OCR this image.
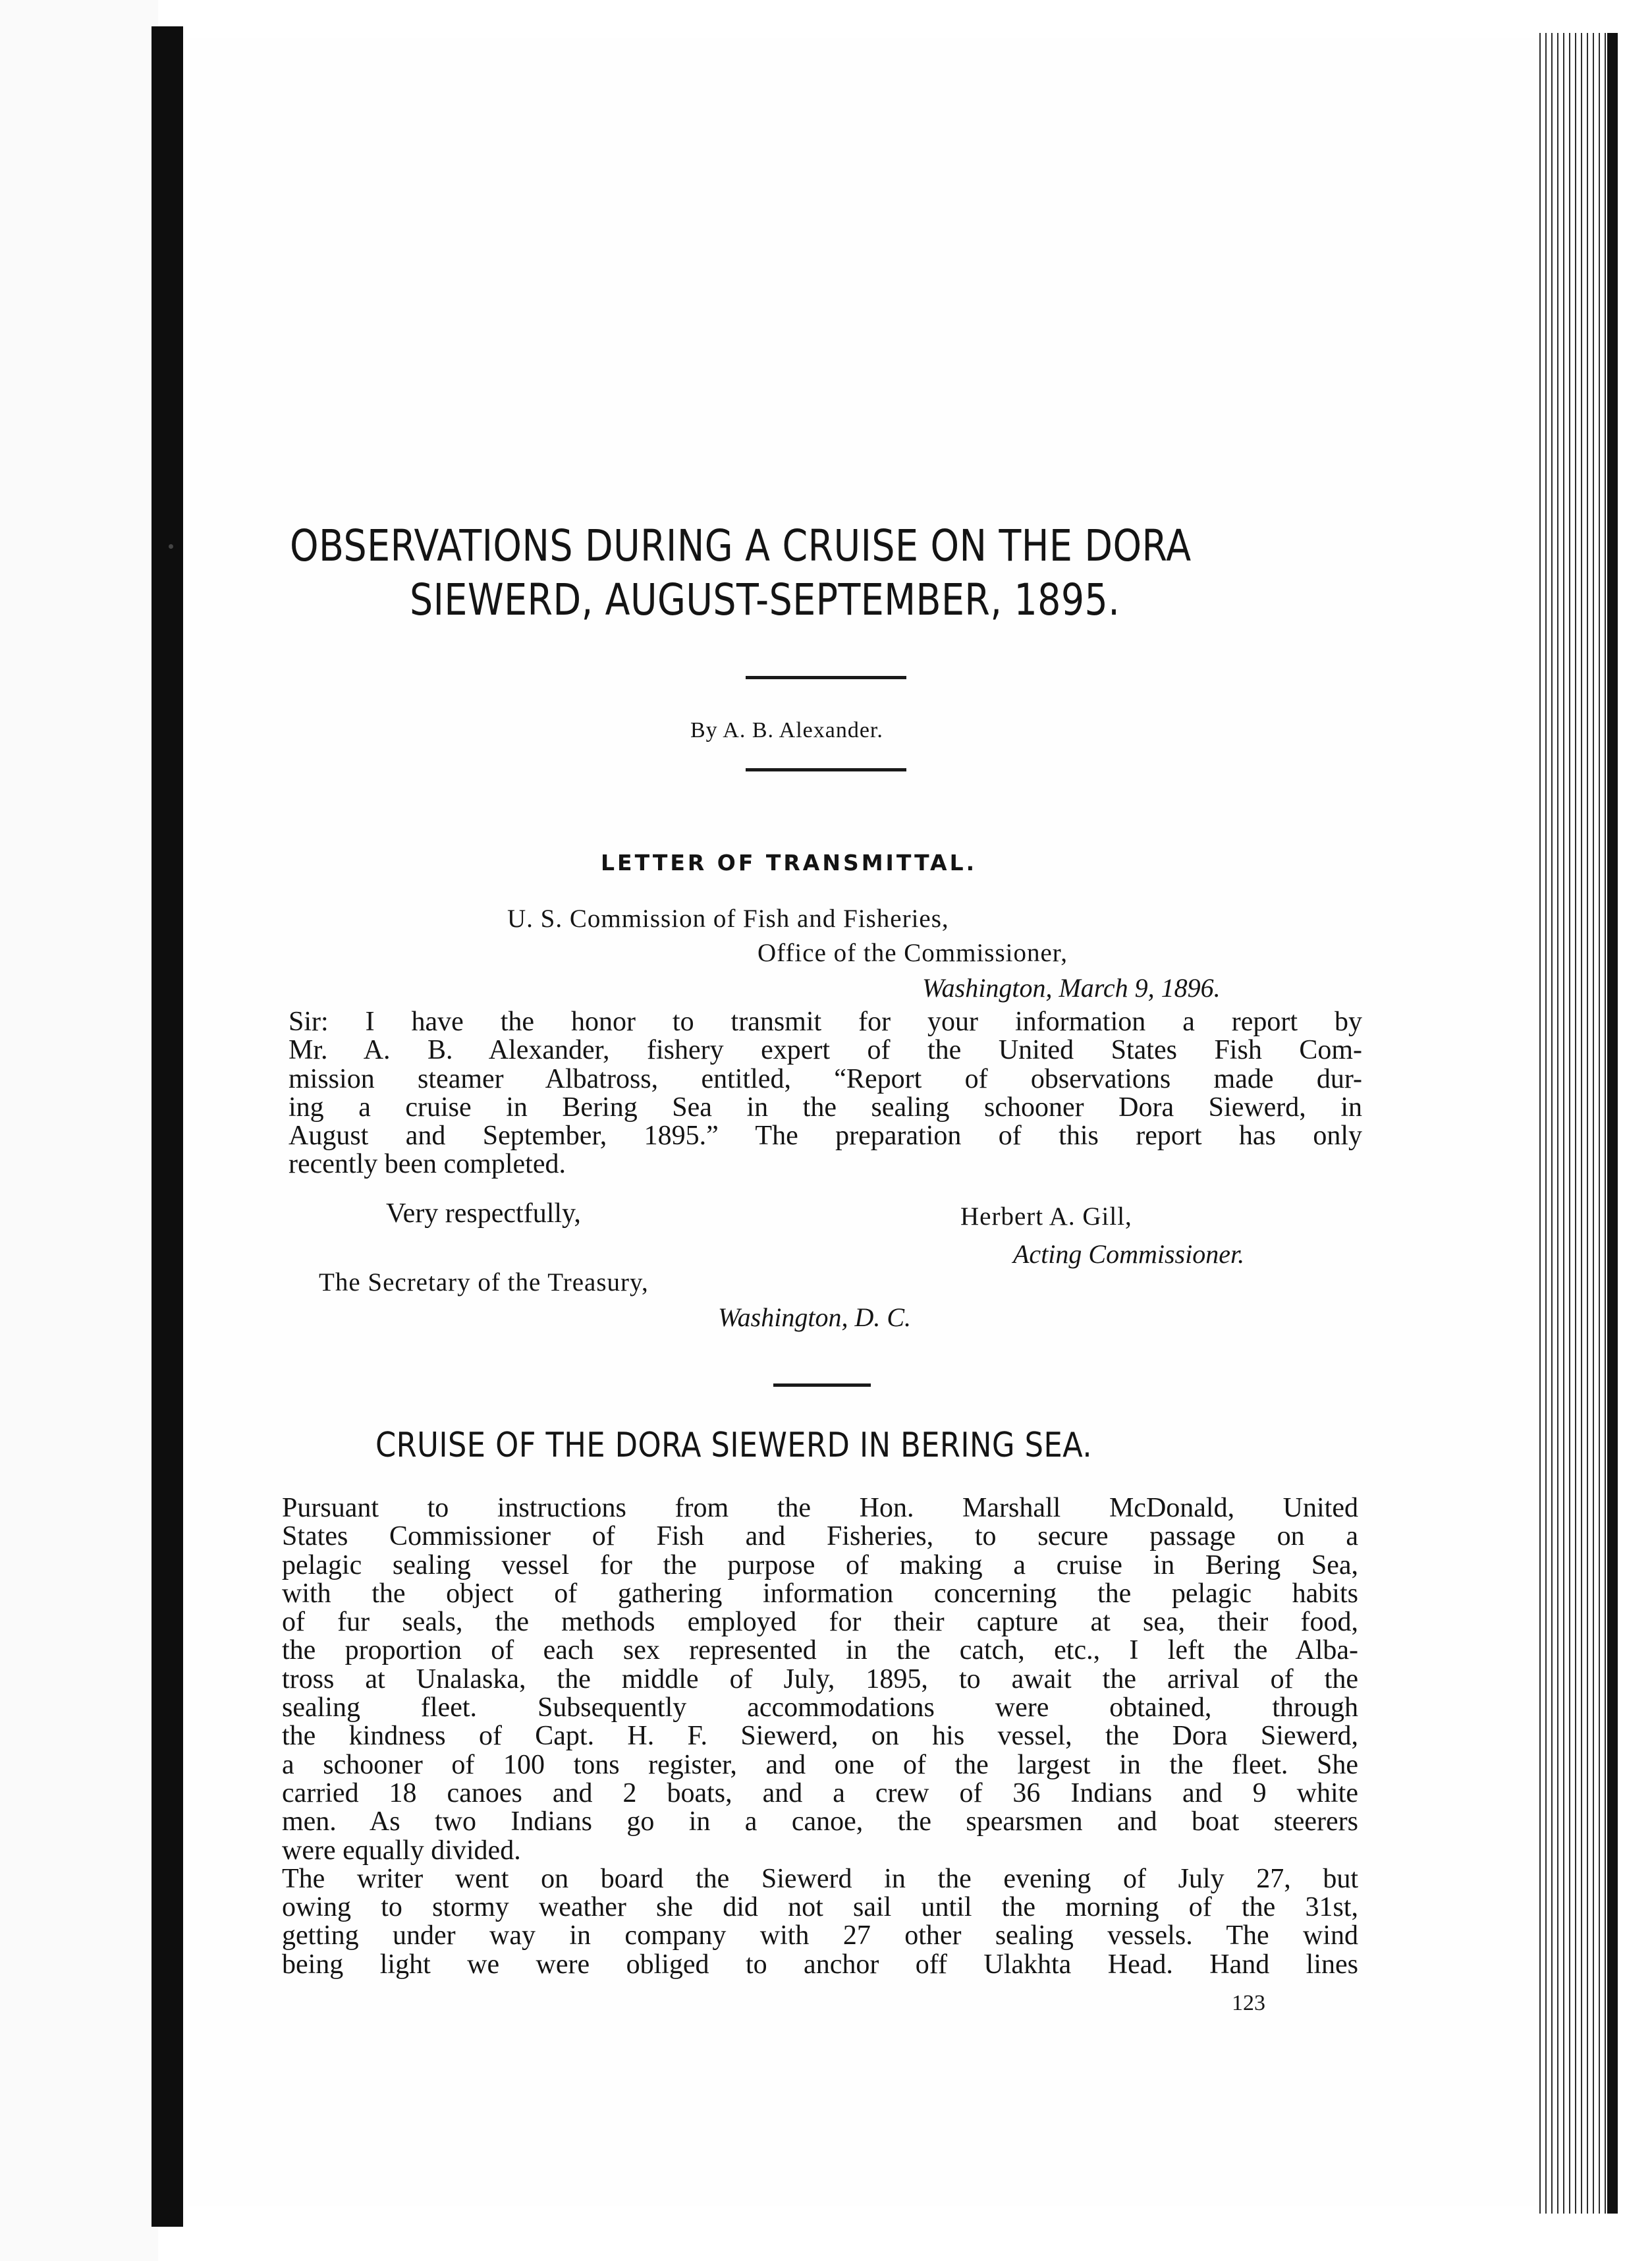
OBSERVATIONS DURING A CRUISE ON THE DORA
SIEWERD, AUGUST-SEPTEMBER, 1895.
By A. B. Alexander.
LETTER OF TRANSMITTAL.
U. S. Commission of Fish and Fisheries,
Office of the Commissioner,
Washington, March 9, 1896.
Sir: I have the honor to transmit for your information a report by
Mr. A. B. Alexander, fishery expert of the United States Fish Com-
mission steamer Albatross, entitled, “Report of observations made dur-
ing a cruise in Bering Sea in the sealing schooner Dora Siewerd, in
August and September, 1895.” The preparation of this report has only
recently been completed.
Very respectfully,	Herbert A. Gill,
Acting Commissioner.
The Secretary of the Treasury,
Washington, D. C.
CRUISE OF THE DORA SIEWERD IN BERING SEA.
Pursuant to instructions from the Hon. Marshall McDonald, United
States Commissioner of Fish and Fisheries, to secure passage on a
pelagic sealing vessel for the purpose of making a cruise in Bering Sea,
with the object of gathering information concerning the pelagic habits
of fur seals, the methods employed for their capture at sea, their food,
the proportion of each sex represented in the catch, etc., I left the Alba-
tross at Unalaska, the middle of July, 1895, to await the arrival of the
sealing fleet. Subsequently accommodations were obtained, through
the kindness of Capt. H. F. Siewerd, on his vessel, the Dora Siewerd,
a schooner of 100 tons register, and one of the largest in the fleet. She
carried 18 canoes and 2 boats, and a crew of 36 Indians and 9 white
men. As two Indians go in a canoe, the spearsmen and boat steerers
were equally divided.
The writer went on board the Siewerd in the evening of July 27, but
owing to stormy weather she did not sail until the morning of the 31st,
getting under way in company with 27 other sealing vessels. The wind
being light we were obliged to anchor off Ulakhta Head. Hand lines
123
